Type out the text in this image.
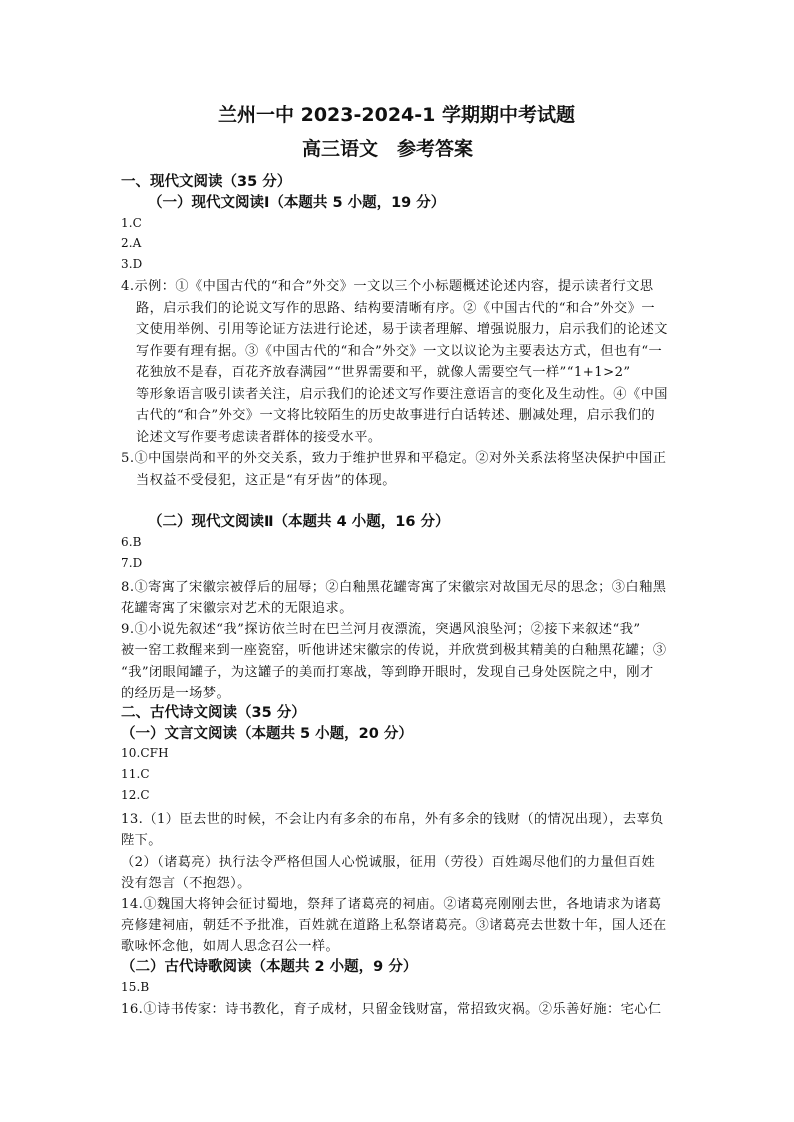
兰州一中 2023-2024-1 学期期中考试题
高三语文　参考答案
一、现代文阅读（35 分）
（一）现代文阅读Ⅰ（本题共 5 小题，19 分）
1.C
2.A
3.D
4.示例：①《中国古代的“和合”外交》一文以三个小标题概述论述内容，提示读者行文思
路，启示我们的论说文写作的思路、结构要清晰有序。②《中国古代的“和合”外交》一
文使用举例、引用等论证方法进行论述，易于读者理解、增强说服力，启示我们的论述文
写作要有理有据。③《中国古代的“和合”外交》一文以议论为主要表达方式，但也有“一
花独放不是春，百花齐放春满园”“世界需要和平，就像人需要空气一样”“1+1>2”
等形象语言吸引读者关注，启示我们的论述文写作要注意语言的变化及生动性。④《中国
古代的“和合”外交》一文将比较陌生的历史故事进行白话转述、删减处理，启示我们的
论述文写作要考虑读者群体的接受水平。
5.①中国崇尚和平的外交关系，致力于维护世界和平稳定。②对外关系法将坚决保护中国正
当权益不受侵犯，这正是“有牙齿”的体现。
（二）现代文阅读Ⅱ（本题共 4 小题，16 分）
6.B
7.D
8.①寄寓了宋徽宗被俘后的屈辱；②白釉黑花罐寄寓了宋徽宗对故国无尽的思念；③白釉黑
花罐寄寓了宋徽宗对艺术的无限追求。
9.①小说先叙述“我”探访依兰时在巴兰河月夜漂流，突遇风浪坠河；②接下来叙述“我”
被一窑工救醒来到一座瓷窑，听他讲述宋徽宗的传说，并欣赏到极其精美的白釉黑花罐；③
“我”闭眼闻罐子，为这罐子的美而打寒战，等到睁开眼时，发现自己身处医院之中，刚才
的经历是一场梦。
二、古代诗文阅读（35 分）
（一）文言文阅读（本题共 5 小题，20 分）
10.CFH
11.C
12.C
13.（1）臣去世的时候，不会让内有多余的布帛，外有多余的钱财（的情况出现），去辜负
陛下。
（2）（诸葛亮）执行法令严格但国人心悦诚服，征用（劳役）百姓竭尽他们的力量但百姓
没有怨言（不抱怨）。
14.①魏国大将钟会征讨蜀地，祭拜了诸葛亮的祠庙。②诸葛亮刚刚去世，各地请求为诸葛
亮修建祠庙，朝廷不予批准，百姓就在道路上私祭诸葛亮。③诸葛亮去世数十年，国人还在
歌咏怀念他，如周人思念召公一样。
（二）古代诗歌阅读（本题共 2 小题，9 分）
15.B
16.①诗书传家：诗书教化，育子成材，只留金钱财富，常招致灾祸。②乐善好施：宅心仁
